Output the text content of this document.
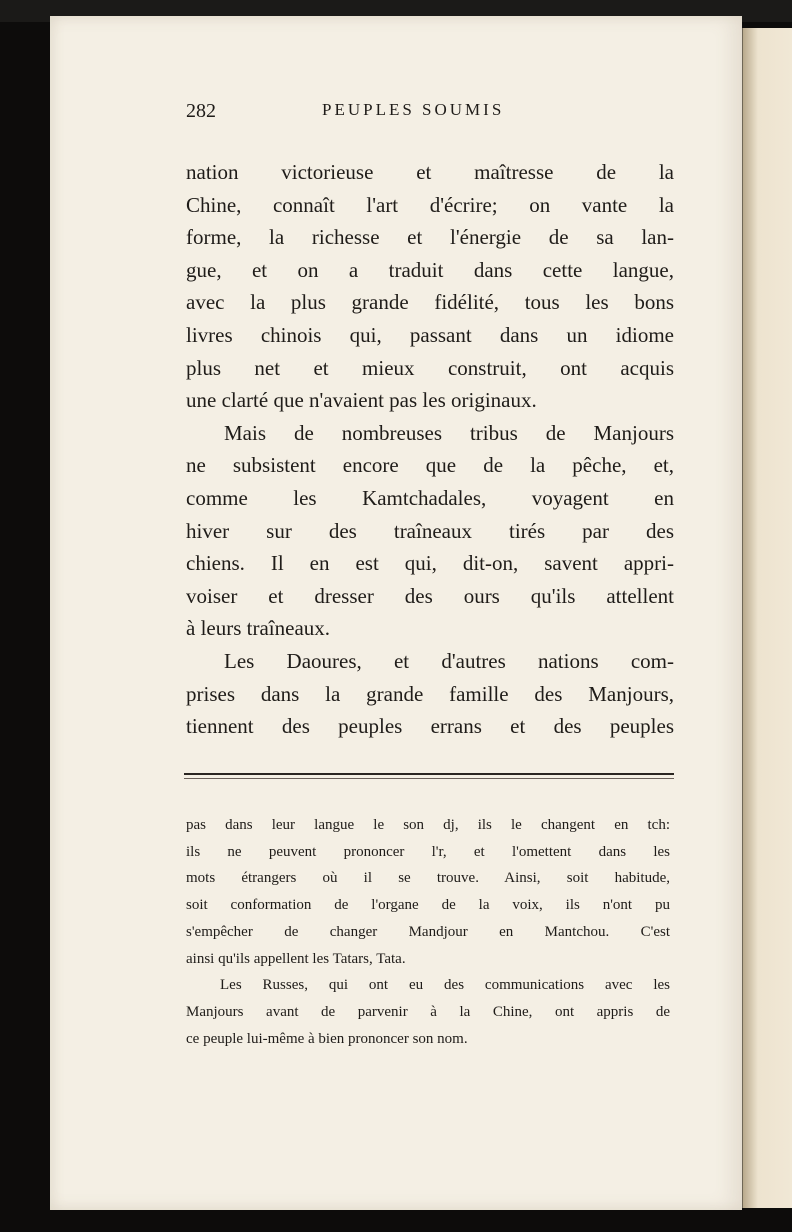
282	PEUPLES SOUMIS

nation victorieuse et maîtresse de la
Chine, connaît l'art d'écrire; on vante la
forme, la richesse et l'énergie de sa lan-
gue, et on a traduit dans cette langue,
avec la plus grande fidélité, tous les bons
livres chinois qui, passant dans un idiome
plus net et mieux construit, ont acquis
une clarté que n'avaient pas les originaux.

Mais de nombreuses tribus de Manjours
ne subsistent encore que de la pêche, et,
comme les Kamtchadales, voyagent en
hiver sur des traîneaux tirés par des
chiens. Il en est qui, dit-on, savent appri-
voiser et dresser des ours qu'ils attellent
à leurs traîneaux.

Les Daoures, et d'autres nations com-
prises dans la grande famille des Manjours,
tiennent des peuples errans et des peuples

pas dans leur langue le son dj, ils le changent en tch:
ils ne peuvent prononcer l'r, et l'omettent dans les
mots étrangers où il se trouve. Ainsi, soit habitude,
soit conformation de l'organe de la voix, ils n'ont pu
s'empêcher de changer Mandjour en Mantchou. C'est
ainsi qu'ils appellent les Tatars, Tata.

Les Russes, qui ont eu des communications avec les
Manjours avant de parvenir à la Chine, ont appris de
ce peuple lui-même à bien prononcer son nom.
